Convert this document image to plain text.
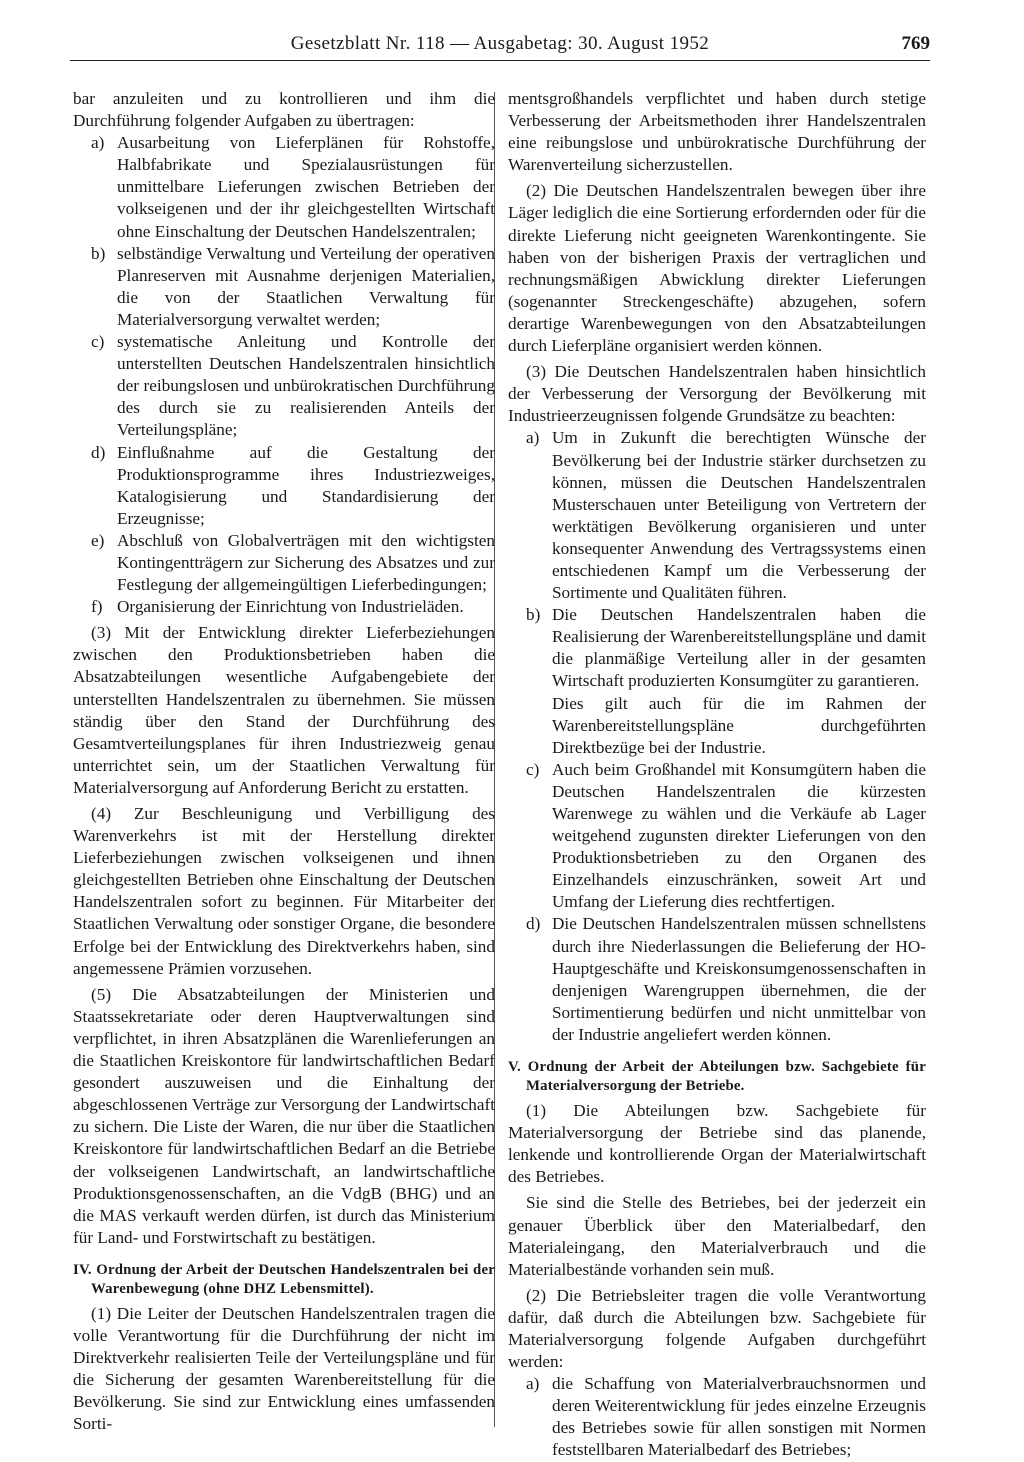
Gesetzblatt Nr. 118 — Ausgabetag: 30. August 1952	769

bar anzuleiten und zu kontrollieren und ihm die Durchführung folgender Aufgaben zu übertragen:

a) Ausarbeitung von Lieferplänen für Rohstoffe, Halbfabrikate und Spezialausrüstungen für unmittelbare Lieferungen zwischen Betrieben der volkseigenen und der ihr gleichgestellten Wirtschaft ohne Einschaltung der Deutschen Handelszentralen;
b) selbständige Verwaltung und Verteilung der operativen Planreserven mit Ausnahme derjenigen Materialien, die von der Staatlichen Verwaltung für Materialversorgung verwaltet werden;
c) systematische Anleitung und Kontrolle der unterstellten Deutschen Handelszentralen hinsichtlich der reibungslosen und unbürokratischen Durchführung des durch sie zu realisierenden Anteils der Verteilungspläne;
d) Einflußnahme auf die Gestaltung der Produktionsprogramme ihres Industriezweiges, Katalogisierung und Standardisierung der Erzeugnisse;
e) Abschluß von Globalverträgen mit den wichtigsten Kontingentträgern zur Sicherung des Absatzes und zur Festlegung der allgemeingültigen Lieferbedingungen;
f) Organisierung der Einrichtung von Industrieläden.

(3) Mit der Entwicklung direkter Lieferbeziehungen zwischen den Produktionsbetrieben haben die Absatzabteilungen wesentliche Aufgabengebiete der unterstellten Handelszentralen zu übernehmen. Sie müssen ständig über den Stand der Durchführung des Gesamtverteilungsplanes für ihren Industriezweig genau unterrichtet sein, um der Staatlichen Verwaltung für Materialversorgung auf Anforderung Bericht zu erstatten.

(4) Zur Beschleunigung und Verbilligung des Warenverkehrs ist mit der Herstellung direkter Lieferbeziehungen zwischen volkseigenen und ihnen gleichgestellten Betrieben ohne Einschaltung der Deutschen Handelszentralen sofort zu beginnen. Für Mitarbeiter der Staatlichen Verwaltung oder sonstiger Organe, die besondere Erfolge bei der Entwicklung des Direktverkehrs haben, sind angemessene Prämien vorzusehen.

(5) Die Absatzabteilungen der Ministerien und Staatssekretariate oder deren Hauptverwaltungen sind verpflichtet, in ihren Absatzplänen die Warenlieferungen an die Staatlichen Kreiskontore für landwirtschaftlichen Bedarf gesondert auszuweisen und die Einhaltung der abgeschlossenen Verträge zur Versorgung der Landwirtschaft zu sichern. Die Liste der Waren, die nur über die Staatlichen Kreiskontore für landwirtschaftlichen Bedarf an die Betriebe der volkseigenen Landwirtschaft, an landwirtschaftliche Produktionsgenossenschaften, an die VdgB (BHG) und an die MAS verkauft werden dürfen, ist durch das Ministerium für Land- und Forstwirtschaft zu bestätigen.

IV. Ordnung der Arbeit der Deutschen Handelszentralen bei der Warenbewegung (ohne DHZ Lebensmittel).

(1) Die Leiter der Deutschen Handelszentralen tragen die volle Verantwortung für die Durchführung der nicht im Direktverkehr realisierten Teile der Verteilungspläne und für die Sicherung der gesamten Warenbereitstellung für die Bevölkerung. Sie sind zur Entwicklung eines umfassenden Sorti-

mentsgroßhandels verpflichtet und haben durch stetige Verbesserung der Arbeitsmethoden ihrer Handelszentralen eine reibungslose und unbürokratische Durchführung der Warenverteilung sicherzustellen.

(2) Die Deutschen Handelszentralen bewegen über ihre Läger lediglich die eine Sortierung erfordernden oder für die direkte Lieferung nicht geeigneten Warenkontingente. Sie haben von der bisherigen Praxis der vertraglichen und rechnungsmäßigen Abwicklung direkter Lieferungen (sogenannter Streckengeschäfte) abzugehen, sofern derartige Warenbewegungen von den Absatzabteilungen durch Lieferpläne organisiert werden können.

(3) Die Deutschen Handelszentralen haben hinsichtlich der Verbesserung der Versorgung der Bevölkerung mit Industrieerzeugnissen folgende Grundsätze zu beachten:

a) Um in Zukunft die berechtigten Wünsche der Bevölkerung bei der Industrie stärker durchsetzen zu können, müssen die Deutschen Handelszentralen Musterschauen unter Beteiligung von Vertretern der werktätigen Bevölkerung organisieren und unter konsequenter Anwendung des Vertragssystems einen entschiedenen Kampf um die Verbesserung der Sortimente und Qualitäten führen.
b) Die Deutschen Handelszentralen haben die Realisierung der Warenbereitstellungspläne und damit die planmäßige Verteilung aller in der gesamten Wirtschaft produzierten Konsumgüter zu garantieren.
Dies gilt auch für die im Rahmen der Warenbereitstellungspläne durchgeführten Direktbezüge bei der Industrie.
c) Auch beim Großhandel mit Konsumgütern haben die Deutschen Handelszentralen die kürzesten Warenwege zu wählen und die Verkäufe ab Lager weitgehend zugunsten direkter Lieferungen von den Produktionsbetrieben zu den Organen des Einzelhandels einzuschränken, soweit Art und Umfang der Lieferung dies rechtfertigen.
d) Die Deutschen Handelszentralen müssen schnellstens durch ihre Niederlassungen die Belieferung der HO-Hauptgeschäfte und Kreiskonsumgenossenschaften in denjenigen Warengruppen übernehmen, die der Sortimentierung bedürfen und nicht unmittelbar von der Industrie angeliefert werden können.

V. Ordnung der Arbeit der Abteilungen bzw. Sachgebiete für Materialversorgung der Betriebe.

(1) Die Abteilungen bzw. Sachgebiete für Materialversorgung der Betriebe sind das planende, lenkende und kontrollierende Organ der Materialwirtschaft des Betriebes.

Sie sind die Stelle des Betriebes, bei der jederzeit ein genauer Überblick über den Materialbedarf, den Materialeingang, den Materialverbrauch und die Materialbestände vorhanden sein muß.

(2) Die Betriebsleiter tragen die volle Verantwortung dafür, daß durch die Abteilungen bzw. Sachgebiete für Materialversorgung folgende Aufgaben durchgeführt werden:

a) die Schaffung von Materialverbrauchsnormen und deren Weiterentwicklung für jedes einzelne Erzeugnis des Betriebes sowie für allen sonstigen mit Normen feststellbaren Materialbedarf des Betriebes;
